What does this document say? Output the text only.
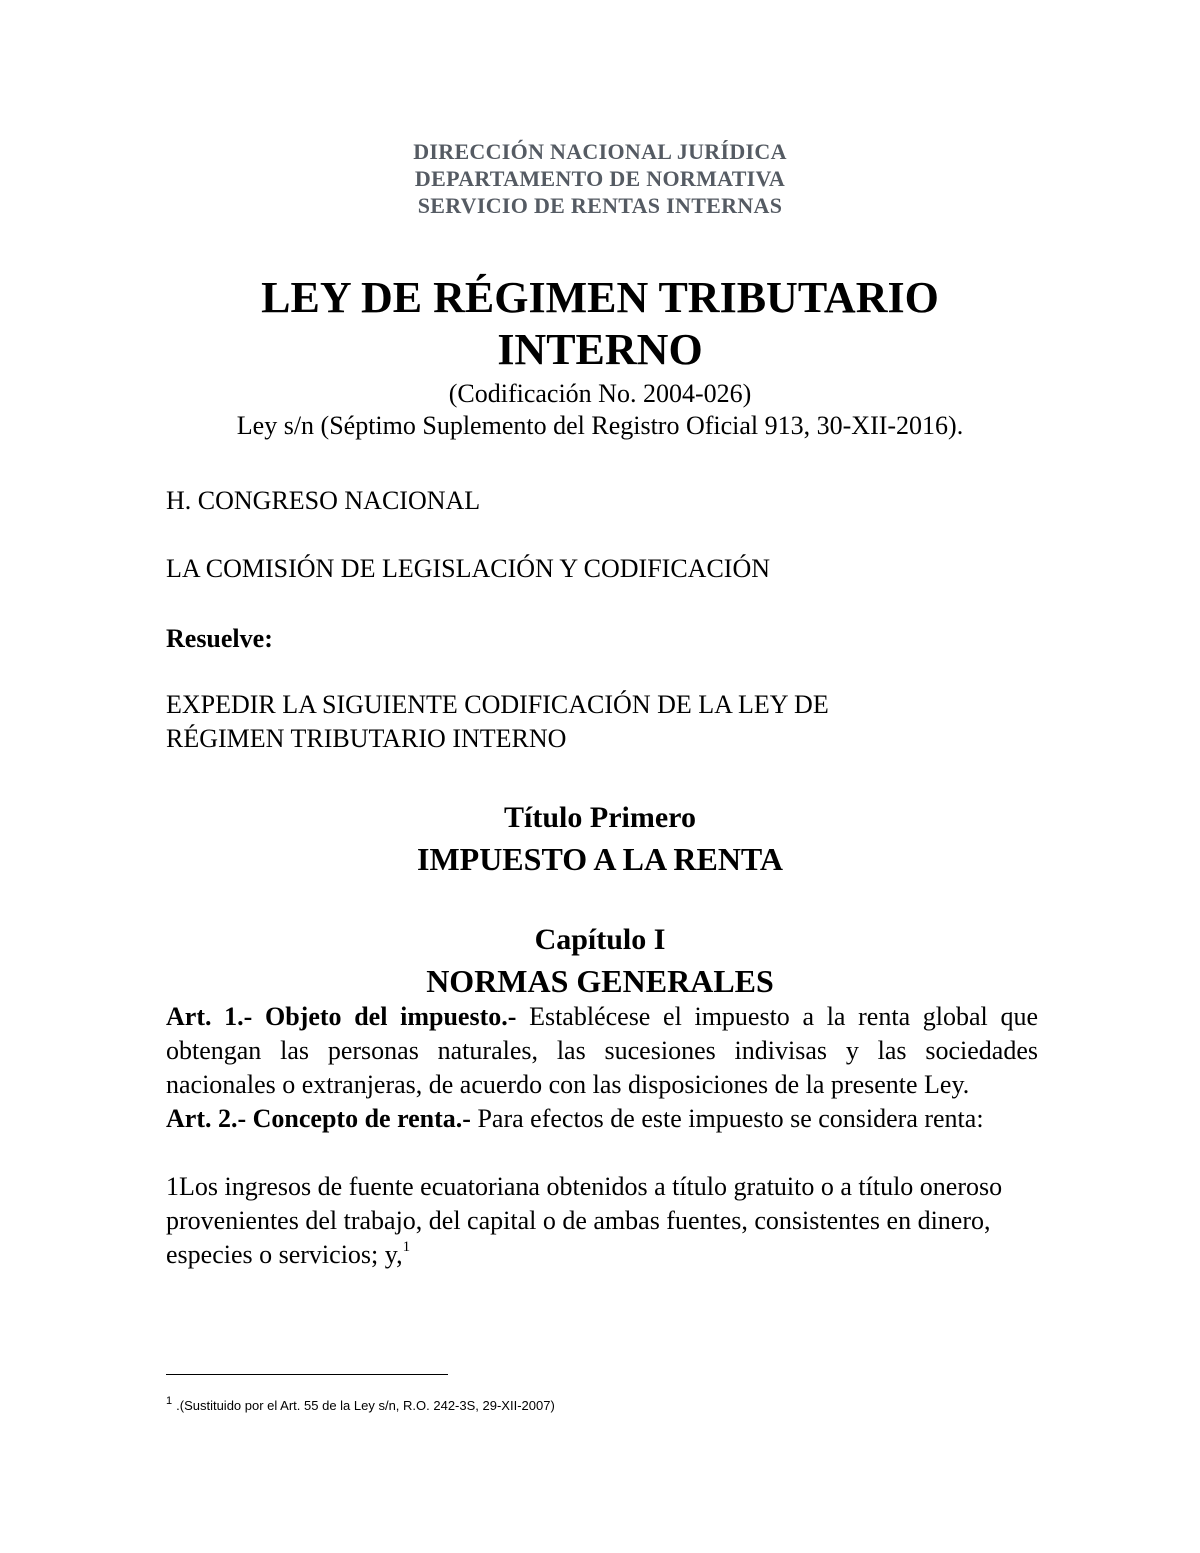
DIRECCIÓN NACIONAL JURÍDICA
DEPARTAMENTO DE NORMATIVA
SERVICIO DE RENTAS INTERNAS
LEY DE RÉGIMEN TRIBUTARIO
INTERNO
(Codificación No. 2004-026)
Ley s/n (Séptimo Suplemento del Registro Oficial 913, 30-XII-2016).
H. CONGRESO NACIONAL
LA COMISIÓN DE LEGISLACIÓN Y CODIFICACIÓN
Resuelve:
EXPEDIR LA SIGUIENTE CODIFICACIÓN DE LA LEY DE
RÉGIMEN TRIBUTARIO INTERNO
Título Primero
IMPUESTO A LA RENTA
Capítulo I
NORMAS GENERALES

Art. 1.- Objeto del impuesto.- Establécese el impuesto a la renta global que obtengan las personas naturales, las sucesiones indivisas y las sociedades nacionales o extranjeras, de acuerdo con las disposiciones de la presente Ley.

Art. 2.- Concepto de renta.- Para efectos de este impuesto se considera renta:

1Los ingresos de fuente ecuatoriana obtenidos a título gratuito o a título oneroso provenientes del trabajo, del capital o de ambas fuentes, consistentes en dinero, especies o servicios; y,$^1$

$^1$ .(Sustituido por el Art. 55 de la Ley s/n, R.O. 242-3S, 29-XII-2007)
